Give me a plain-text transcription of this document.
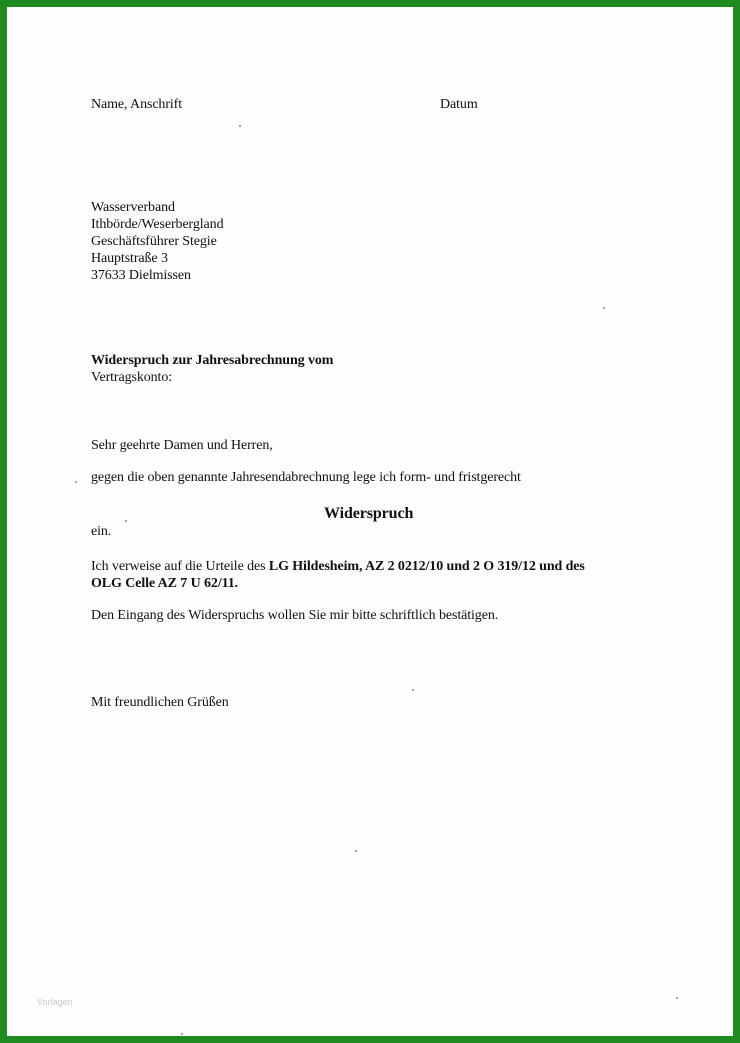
Name, Anschrift	Datum
Wasserverband
Ithbörde/Weserbergland
Geschäftsführer Stegie
Hauptstraße 3
37633 Dielmissen
Widerspruch zur Jahresabrechnung vom
Vertragskonto:
Sehr geehrte Damen und Herren,
gegen die oben genannte Jahresendabrechnung lege ich form- und fristgerecht
Widerspruch
ein.
Ich verweise auf die Urteile des LG Hildesheim, AZ 2 0212/10 und 2 O 319/12 und des
OLG Celle AZ 7 U 62/11.
Den Eingang des Widerspruchs wollen Sie mir bitte schriftlich bestätigen.
Mit freundlichen Grüßen
Vorlagen
